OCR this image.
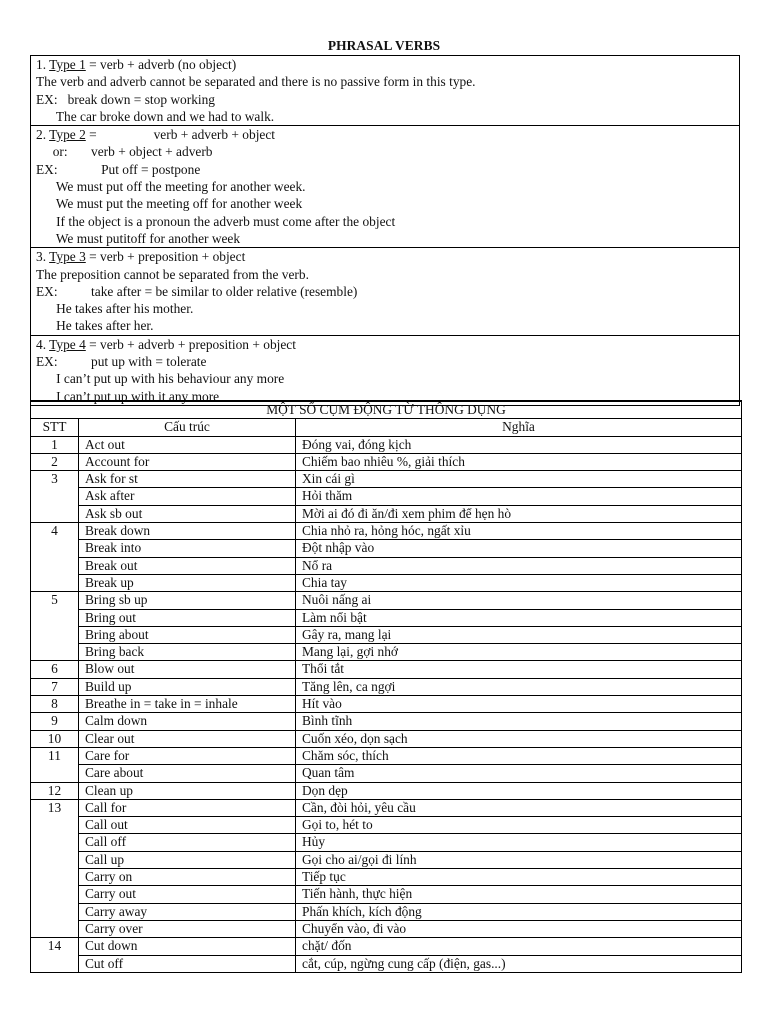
PHRASAL VERBS
1. Type 1 = verb + adverb (no object)
The verb and adverb cannot be separated and there is no passive form in this type.
EX:   break down = stop working
The car broke down and we had to walk.
2. Type 2 =                 verb + adverb + object
or:       verb + object + adverb
EX:             Put off = postpone
We must put off the meeting for another week.
We must put the meeting off for another week
If the object is a pronoun the adverb must come after the object
We must putitoff for another week
3. Type 3 = verb + preposition + object
The preposition cannot be separated from the verb.
EX:          take after = be similar to older relative (resemble)
He takes after his mother.
He takes after her.
4. Type 4 = verb + adverb + preposition + object
EX:          put up with = tolerate
I can’t put up with his behaviour any more
I can’t put up with it any more
MỘT SỐ CỤM ĐỘNG TỪ THÔNG DỤNG		
STT	Cấu trúc	Nghĩa
1	Act out	Đóng vai, đóng kịch
2	Account for	Chiếm bao nhiêu %, giải thích
3	Ask for st	Xin cái gì
	Ask after	Hỏi thăm
	Ask sb out	Mời ai đó đi ăn/đi xem phim để hẹn hò
4	Break down	Chia nhỏ ra, hỏng hóc, ngất xỉu
	Break into	Đột nhập vào
	Break out	Nổ ra
	Break up	Chia tay
5	Bring sb up	Nuôi nấng ai
	Bring out	Làm nổi bật
	Bring about	Gây ra, mang lại
	Bring back	Mang lại, gợi nhớ
6	Blow out	Thổi tắt
7	Build up	Tăng lên, ca ngợi
8	Breathe in = take in = inhale	Hít vào
9	Calm down	Bình tĩnh
10	Clear out	Cuốn xéo, dọn sạch
11	Care for	Chăm sóc, thích
	Care about	Quan tâm
12	Clean up	Dọn dẹp
13	Call for	Cần, đòi hỏi, yêu cầu
	Call out	Gọi to, hét to
	Call off	Hủy
	Call up	Gọi cho ai/gọi đi lính
	Carry on	Tiếp tục
	Carry out	Tiến hành, thực hiện
	Carry away	Phấn khích, kích động
	Carry over	Chuyển vào, đi vào
14	Cut down	chặt/ đốn
	Cut off	cắt, cúp, ngừng cung cấp (điện, gas...)
